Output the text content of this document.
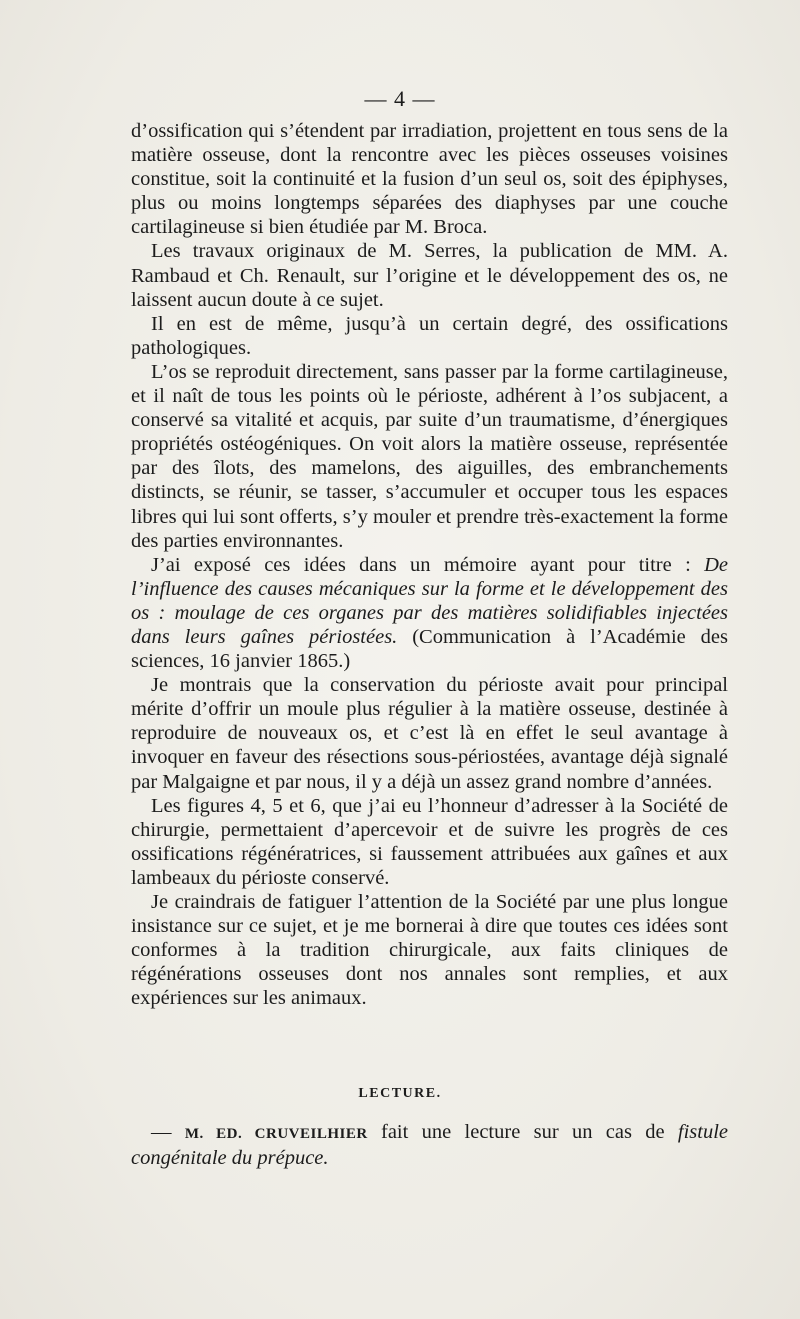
— 4 —

d’ossification qui s’étendent par irradiation, projettent en tous sens de la matière osseuse, dont la rencontre avec les pièces osseuses voisines constitue, soit la continuité et la fusion d’un seul os, soit des épiphyses, plus ou moins longtemps séparées des diaphyses par une couche cartilagineuse si bien étudiée par M. Broca.

Les travaux originaux de M. Serres, la publication de MM. A. Rambaud et Ch. Renault, sur l’origine et le développement des os, ne laissent aucun doute à ce sujet.

Il en est de même, jusqu’à un certain degré, des ossifications pathologiques.

L’os se reproduit directement, sans passer par la forme cartilagineuse, et il naît de tous les points où le périoste, adhérent à l’os subjacent, a conservé sa vitalité et acquis, par suite d’un traumatisme, d’énergiques propriétés ostéogéniques. On voit alors la matière osseuse, représentée par des îlots, des mamelons, des aiguilles, des embranchements distincts, se réunir, se tasser, s’accumuler et occuper tous les espaces libres qui lui sont offerts, s’y mouler et prendre très-exactement la forme des parties environnantes.

J’ai exposé ces idées dans un mémoire ayant pour titre : De l’influence des causes mécaniques sur la forme et le développement des os : moulage de ces organes par des matières solidifiables injectées dans leurs gaînes périostées. (Communication à l’Académie des sciences, 16 janvier 1865.)

Je montrais que la conservation du périoste avait pour principal mérite d’offrir un moule plus régulier à la matière osseuse, destinée à reproduire de nouveaux os, et c’est là en effet le seul avantage à invoquer en faveur des résections sous-périostées, avantage déjà signalé par Malgaigne et par nous, il y a déjà un assez grand nombre d’années.

Les figures 4, 5 et 6, que j’ai eu l’honneur d’adresser à la Société de chirurgie, permettaient d’apercevoir et de suivre les progrès de ces ossifications régénératrices, si faussement attribuées aux gaînes et aux lambeaux du périoste conservé.

Je craindrais de fatiguer l’attention de la Société par une plus longue insistance sur ce sujet, et je me bornerai à dire que toutes ces idées sont conformes à la tradition chirurgicale, aux faits cliniques de régénérations osseuses dont nos annales sont remplies, et aux expériences sur les animaux.

LECTURE.

— M. ED. CRUVEILHIER fait une lecture sur un cas de fistule congénitale du prépuce.
